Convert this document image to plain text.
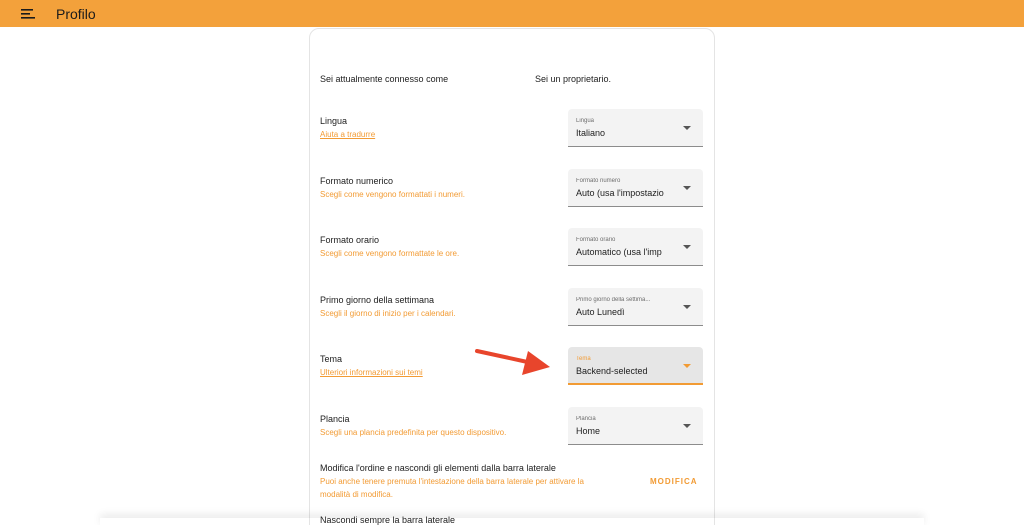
Profilo
Sei attualmente connesso come	Sei un proprietario.
Lingua
Aiuta a tradurre
Lingua
Italiano
Formato numerico
Scegli come vengono formattati i numeri.
Formato numero
Auto (usa l'impostazio
Formato orario
Scegli come vengono formattate le ore.
Formato orario
Automatico (usa l'imp
Primo giorno della settimana
Scegli il giorno di inizio per i calendari.
Primo giorno della settima...
Auto Lunedì
Tema
Ulteriori informazioni sui temi
Tema
Backend-selected
Plancia
Scegli una plancia predefinita per questo dispositivo.
Plancia
Home
Modifica l'ordine e nascondi gli elementi dalla barra laterale
Puoi anche tenere premuta l'intestazione della barra laterale per attivare la
modalità di modifica.
MODIFICA
Nascondi sempre la barra laterale
